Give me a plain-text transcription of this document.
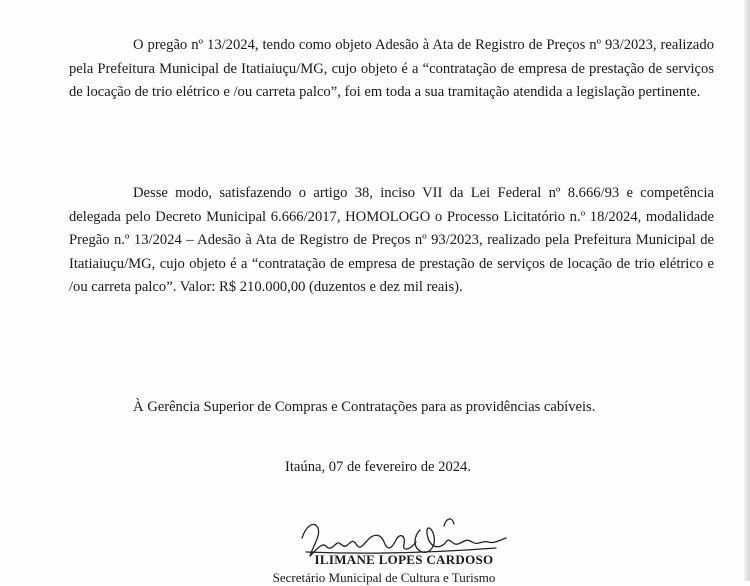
O pregão nº 13/2024, tendo como objeto Adesão à Ata de Registro de Preços nº 93/2023, realizado pela Prefeitura Municipal de Itatiaiuçu/MG, cujo objeto é a “contratação de empresa de prestação de serviços de locação de trio elétrico e /ou carreta palco”, foi em toda a sua tramitação atendida a legislação pertinente.

Desse modo, satisfazendo o artigo 38, inciso VII da Lei Federal nº 8.666/93 e competência delegada pelo Decreto Municipal 6.666/2017, HOMOLOGO o Processo Licitatório n.º 18/2024, modalidade Pregão n.º 13/2024 – Adesão à Ata de Registro de Preços nº 93/2023, realizado pela Prefeitura Municipal de Itatiaiuçu/MG, cujo objeto é a “contratação de empresa de prestação de serviços de locação de trio elétrico e /ou carreta palco”. Valor: R$ 210.000,00 (duzentos e dez mil reais).

À Gerência Superior de Compras e Contratações para as providências cabíveis.
Itaúna, 07 de fevereiro de 2024.
ILIMANE LOPES CARDOSO
Secretário Municipal de Cultura e Turismo
